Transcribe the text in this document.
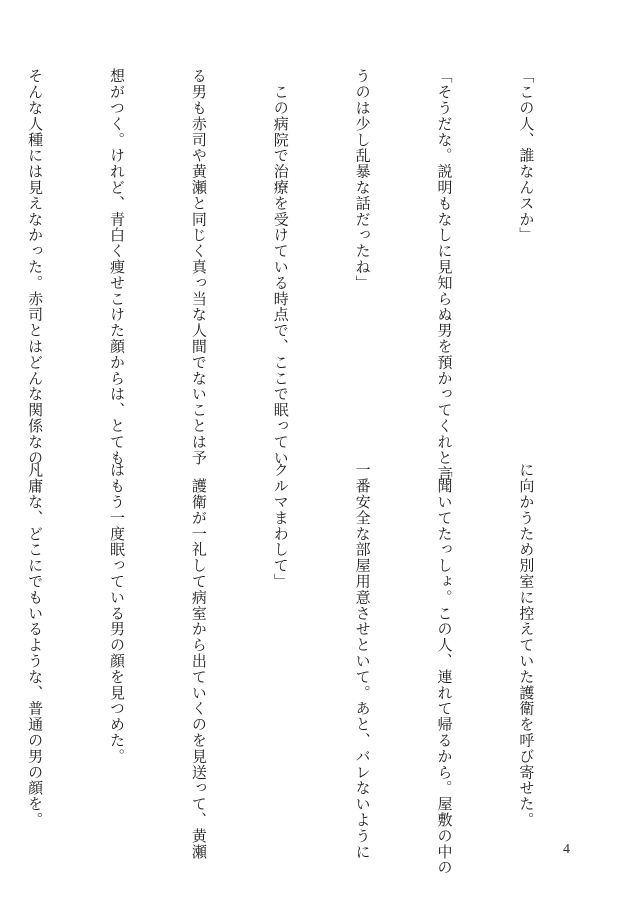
「この人、誰なんスか」

「そうだな。説明もなしに見知らぬ男を預かってくれと言

うのは少し乱暴な話だったね」

　この病院で治療を受けている時点で、ここで眠ってい

る男も赤司や黄瀬と同じく真っ当な人間でないことは予

想がつく。けれど、青白く痩せこけた顔からは、とても

そんな人種には見えなかった。赤司とはどんな関係なの

に向かうため別室に控えていた護衛を呼び寄せた。

「聞いてたっしょ。この人、連れて帰るから。屋敷の中の

一番安全な部屋用意させといて。あと、バレないように

クルマまわして」

　護衛が一礼して病室から出ていくのを見送って、黄瀬

はもう一度眠っている男の顔を見つめた。

凡庸な、どこにでもいるような、普通の男の顔を。

4
